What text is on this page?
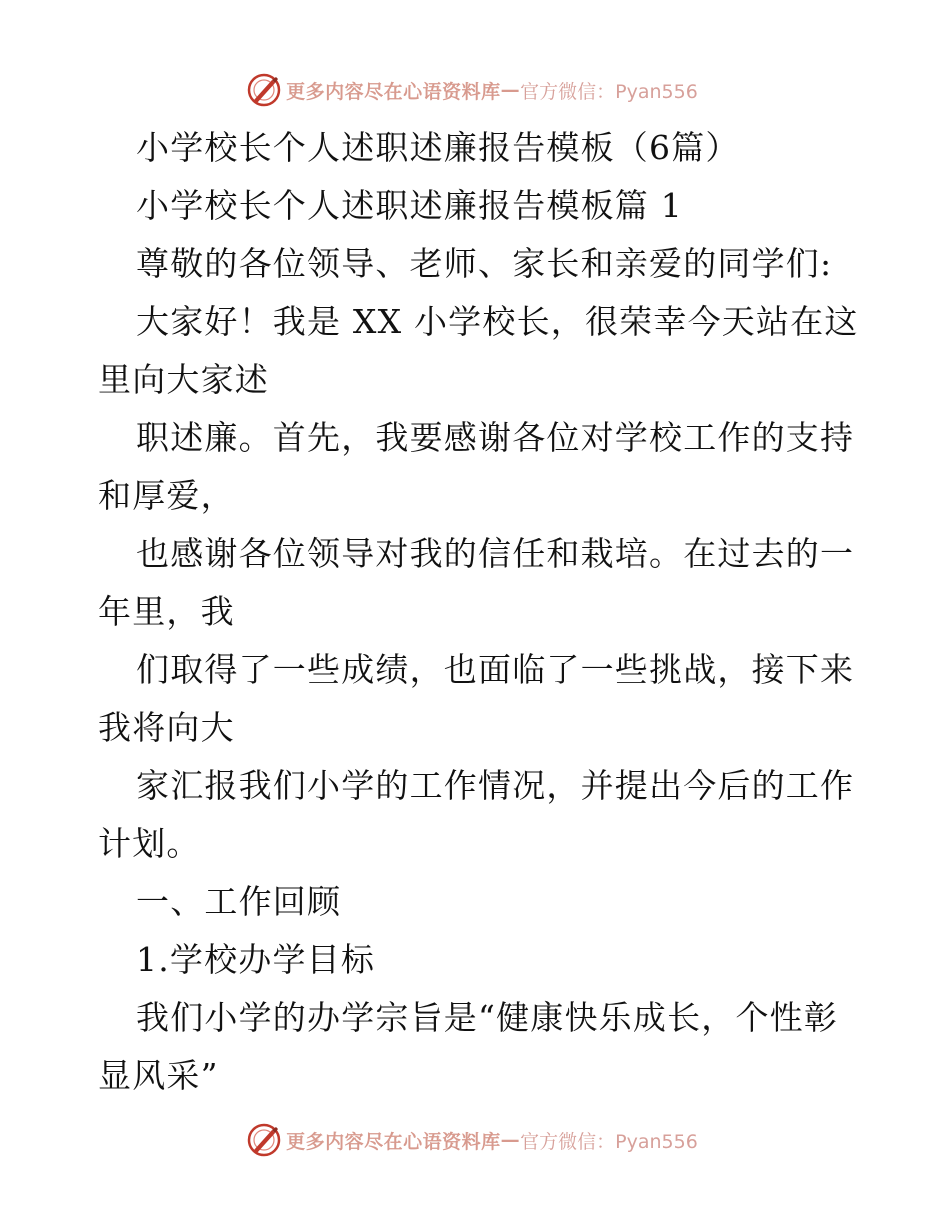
更多内容尽在心语资料库 — 官方微信：Pyan556
小学校长个人述职述廉报告模板（6篇）
小学校长个人述职述廉报告模板篇 1
尊敬的各位领导、老师、家长和亲爱的同学们:
大家好！我是 XX 小学校长，很荣幸今天站在这
里向大家述
职述廉。首先，我要感谢各位对学校工作的支持
和厚爱，
也感谢各位领导对我的信任和栽培。在过去的一
年里，我
们取得了一些成绩，也面临了一些挑战，接下来
我将向大
家汇报我们小学的工作情况，并提出今后的工作
计划。
一、工作回顾
1.学校办学目标
我们小学的办学宗旨是“健康快乐成长，个性彰
显风采”
更多内容尽在心语资料库 — 官方微信：Pyan556
